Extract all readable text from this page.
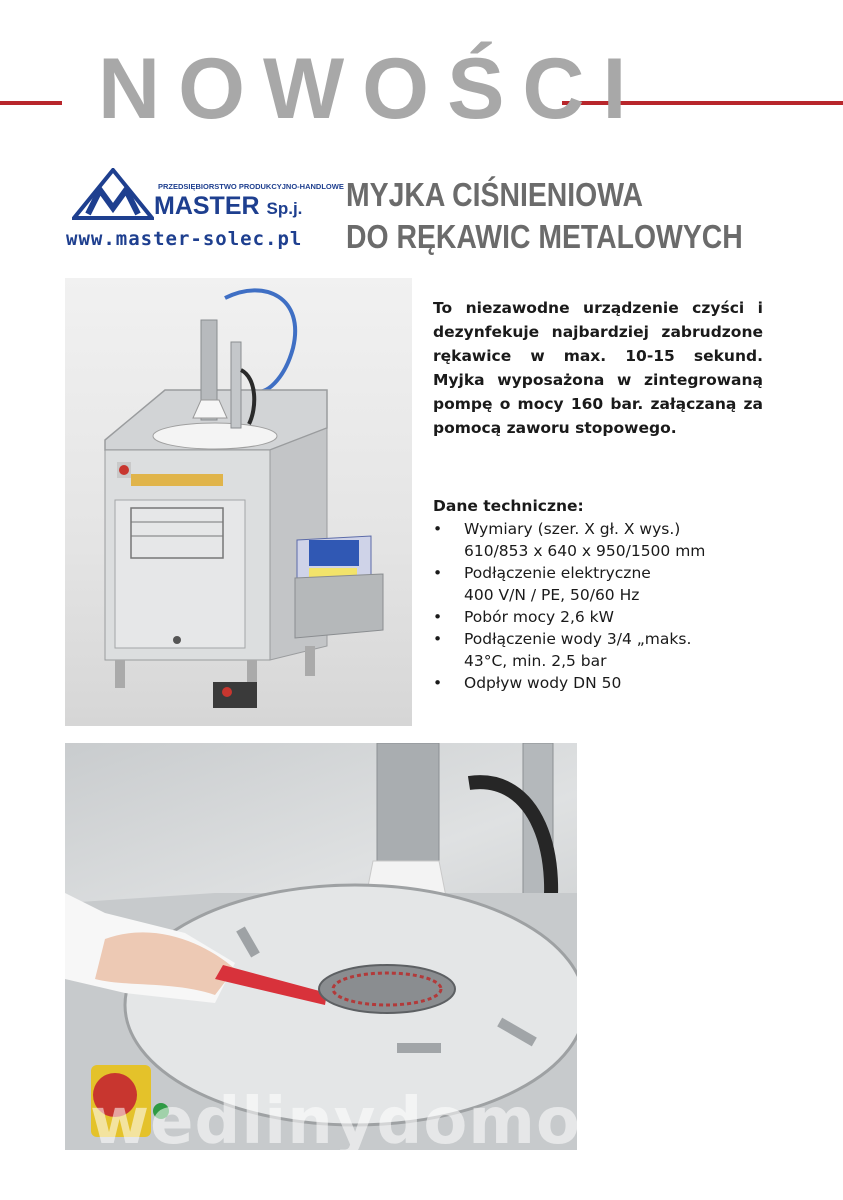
NOWOŚCI
PRZEDSIĘBIORSTWO PRODUKCYJNO-HANDLOWE
MASTER Sp.j.
www.master-solec.pl
MYJKA CIŚNIENIOWA
DO RĘKAWIC METALOWYCH

To niezawodne urządzenie czyści i dezynfekuje najbardziej zabrudzone rękawice w max. 10-15 sekund. Myjka wyposażona w zintegrowaną pompę o mocy 160 bar. załączaną za pomocą zaworu stopowego.

Dane techniczne:
• Wymiary (szer. X gł. X wys.)
610/853 x 640 x 950/1500 mm
• Podłączenie elektryczne
400 V/N / PE, 50/60 Hz
• Pobór mocy 2,6 kW
• Podłączenie wody 3/4 „maks.
43°C, min. 2,5 bar
• Odpływ wody DN 50
wedlinydomowe.pl
